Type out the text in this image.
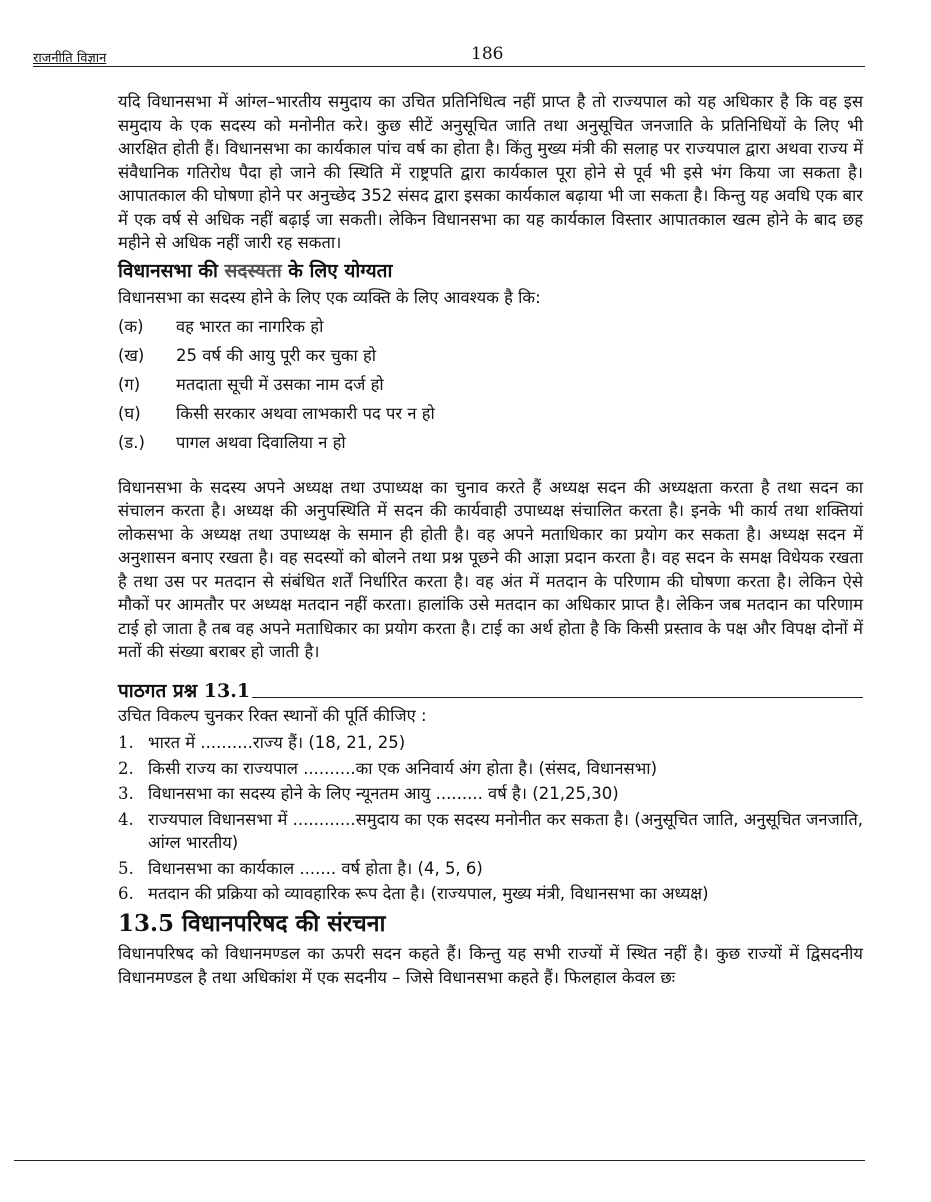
राजनीति विज्ञान	186

यदि विधानसभा में आंग्ल–भारतीय समुदाय का उचित प्रतिनिधित्व नहीं प्राप्त है तो राज्यपाल को यह अधिकार है कि वह इस समुदाय के एक सदस्य को मनोनीत करे। कुछ सीटें अनुसूचित जाति तथा अनुसूचित जनजाति के प्रतिनिधियों के लिए भी आरक्षित होती हैं। विधानसभा का कार्यकाल पांच वर्ष का होता है। किंतु मुख्य मंत्री की सलाह पर राज्यपाल द्वारा अथवा राज्य में संवैधानिक गतिरोध पैदा हो जाने की स्थिति में राष्ट्रपति द्वारा कार्यकाल पूरा होने से पूर्व भी इसे भंग किया जा सकता है। आपातकाल की घोषणा होने पर अनुच्छेद 352 संसद द्वारा इसका कार्यकाल बढ़ाया भी जा सकता है। किन्तु यह अवधि एक बार में एक वर्ष से अधिक नहीं बढ़ाई जा सकती। लेकिन विधानसभा का यह कार्यकाल विस्तार आपातकाल खत्म होने के बाद छह महीने से अधिक नहीं जारी रह सकता।

विधानसभा की सदस्यता के लिए योग्यता

विधानसभा का सदस्य होने के लिए एक व्यक्ति के लिए आवश्यक है कि:

(क)	वह भारत का नागरिक हो
(ख)	25 वर्ष की आयु पूरी कर चुका हो
(ग)	मतदाता सूची में उसका नाम दर्ज हो
(घ)	किसी सरकार अथवा लाभकारी पद पर न हो
(ड.)	पागल अथवा दिवालिया न हो

विधानसभा के सदस्य अपने अध्यक्ष तथा उपाध्यक्ष का चुनाव करते हैं अध्यक्ष सदन की अध्यक्षता करता है तथा सदन का संचालन करता है। अध्यक्ष की अनुपस्थिति में सदन की कार्यवाही उपाध्यक्ष संचालित करता है। इनके भी कार्य तथा शक्तियां लोकसभा के अध्यक्ष तथा उपाध्यक्ष के समान ही होती है। वह अपने मताधिकार का प्रयोग कर सकता है। अध्यक्ष सदन में अनुशासन बनाए रखता है। वह सदस्यों को बोलने तथा प्रश्न पूछने की आज्ञा प्रदान करता है। वह सदन के समक्ष विधेयक रखता है तथा उस पर मतदान से संबंधित शर्तें निर्धारित करता है। वह अंत में मतदान के परिणाम की घोषणा करता है। लेकिन ऐसे मौकों पर आमतौर पर अध्यक्ष मतदान नहीं करता। हालांकि उसे मतदान का अधिकार प्राप्त है। लेकिन जब मतदान का परिणाम टाई हो जाता है तब वह अपने मताधिकार का प्रयोग करता है। टाई का अर्थ होता है कि किसी प्रस्ताव के पक्ष और विपक्ष दोनों में मतों की संख्या बराबर हो जाती है।

पाठगत प्रश्न 13.1

उचित विकल्प चुनकर रिक्त स्थानों की पूर्ति कीजिए :

1. भारत में ..........राज्य हैं। (18, 21, 25)
2. किसी राज्य का राज्यपाल ..........का एक अनिवार्य अंग होता है। (संसद, विधानसभा)
3. विधानसभा का सदस्य होने के लिए न्यूनतम आयु ......... वर्ष है। (21,25,30)
4. राज्यपाल विधानसभा में ............समुदाय का एक सदस्य मनोनीत कर सकता है। (अनुसूचित जाति, अनुसूचित जनजाति, आंग्ल भारतीय)
5. विधानसभा का कार्यकाल ....... वर्ष होता है। (4, 5, 6)
6. मतदान की प्रक्रिया को व्यावहारिक रूप देता है। (राज्यपाल, मुख्य मंत्री, विधानसभा का अध्यक्ष)
13.5 विधानपरिषद की संरचना

विधानपरिषद को विधानमण्डल का ऊपरी सदन कहते हैं। किन्तु यह सभी राज्यों में स्थित नहीं है। कुछ राज्यों में द्विसदनीय विधानमण्डल है तथा अधिकांश में एक सदनीय – जिसे विधानसभा कहते हैं। फिलहाल केवल छः
